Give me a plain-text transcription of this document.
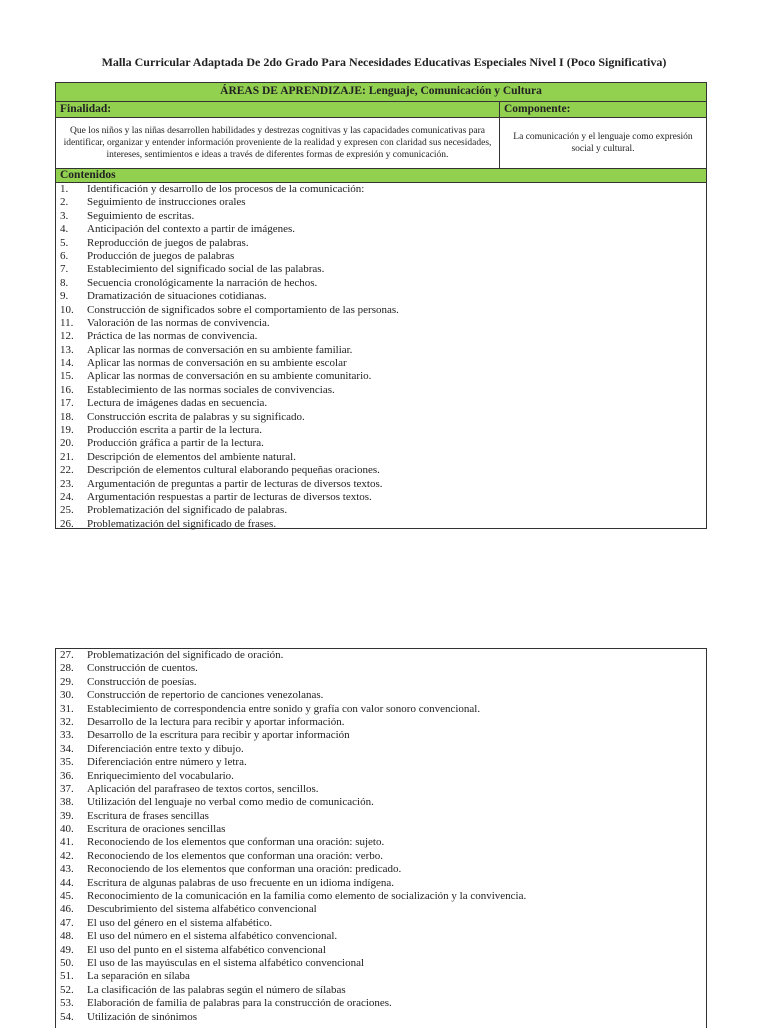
Malla Curricular Adaptada De 2do Grado Para Necesidades Educativas Especiales Nivel I (Poco Significativa)
ÁREAS DE APRENDIZAJE: Lenguaje, Comunicación y Cultura
Finalidad:	Componente:
Que los niños y las niñas desarrollen habilidades y destrezas cognitivas y las capacidades comunicativas para identificar, organizar y entender información proveniente de la realidad y expresen con claridad sus necesidades, intereses, sentimientos e ideas a través de diferentes formas de expresión y comunicación.
La comunicación y el lenguaje como expresión social y cultural.
Contenidos
1. Identificación y desarrollo de los procesos de la comunicación:
2. Seguimiento de instrucciones orales
3. Seguimiento de escritas.
4. Anticipación del contexto a partir de imágenes.
5. Reproducción de juegos de palabras.
6. Producción de juegos de palabras
7. Establecimiento del significado social de las palabras.
8. Secuencia cronológicamente la narración de hechos.
9. Dramatización de situaciones cotidianas.
10. Construcción de significados sobre el comportamiento de las personas.
11. Valoración de las normas de convivencia.
12. Práctica de las normas de convivencia.
13. Aplicar las normas de conversación en su ambiente familiar.
14. Aplicar las normas de conversación en su ambiente escolar
15. Aplicar las normas de conversación en su ambiente comunitario.
16. Establecimiento de las normas sociales de convivencias.
17. Lectura de imágenes dadas en secuencia.
18. Construcción escrita de palabras y su significado.
19. Producción escrita a partir de la lectura.
20. Producción gráfica a partir de la lectura.
21. Descripción de elementos del ambiente natural.
22. Descripción de elementos cultural elaborando pequeñas oraciones.
23. Argumentación de preguntas a partir de lecturas de diversos textos.
24. Argumentación respuestas a partir de lecturas de diversos textos.
25. Problematización del significado de palabras.
26. Problematización del significado de frases.
27. Problematización del significado de oración.
28. Construcción de cuentos.
29. Construcción de poesías.
30. Construcción de repertorio de canciones venezolanas.
31. Establecimiento de correspondencia entre sonido y grafía con valor sonoro convencional.
32. Desarrollo de la lectura para recibir y aportar información.
33. Desarrollo de la escritura para recibir y aportar información
34. Diferenciación entre texto y dibujo.
35. Diferenciación entre número y letra.
36. Enriquecimiento del vocabulario.
37. Aplicación del parafraseo de textos cortos, sencillos.
38. Utilización del lenguaje no verbal como medio de comunicación.
39. Escritura de frases sencillas
40. Escritura de oraciones sencillas
41. Reconociendo de los elementos que conforman una oración: sujeto.
42. Reconociendo de los elementos que conforman una oración: verbo.
43. Reconociendo de los elementos que conforman una oración: predicado.
44. Escritura de algunas palabras de uso frecuente en un idioma indígena.
45. Reconocimiento de la comunicación en la familia como elemento de socialización y la convivencia.
46. Descubrimiento del sistema alfabético convencional
47. El uso del género en el sistema alfabético.
48. El uso del número en el sistema alfabético convencional.
49. El uso del punto en el sistema alfabético convencional
50. El uso de las mayúsculas en el sistema alfabético convencional
51. La separación en sílaba
52. La clasificación de las palabras según el número de sílabas
53. Elaboración de familia de palabras para la construcción de oraciones.
54. Utilización de sinónimos
